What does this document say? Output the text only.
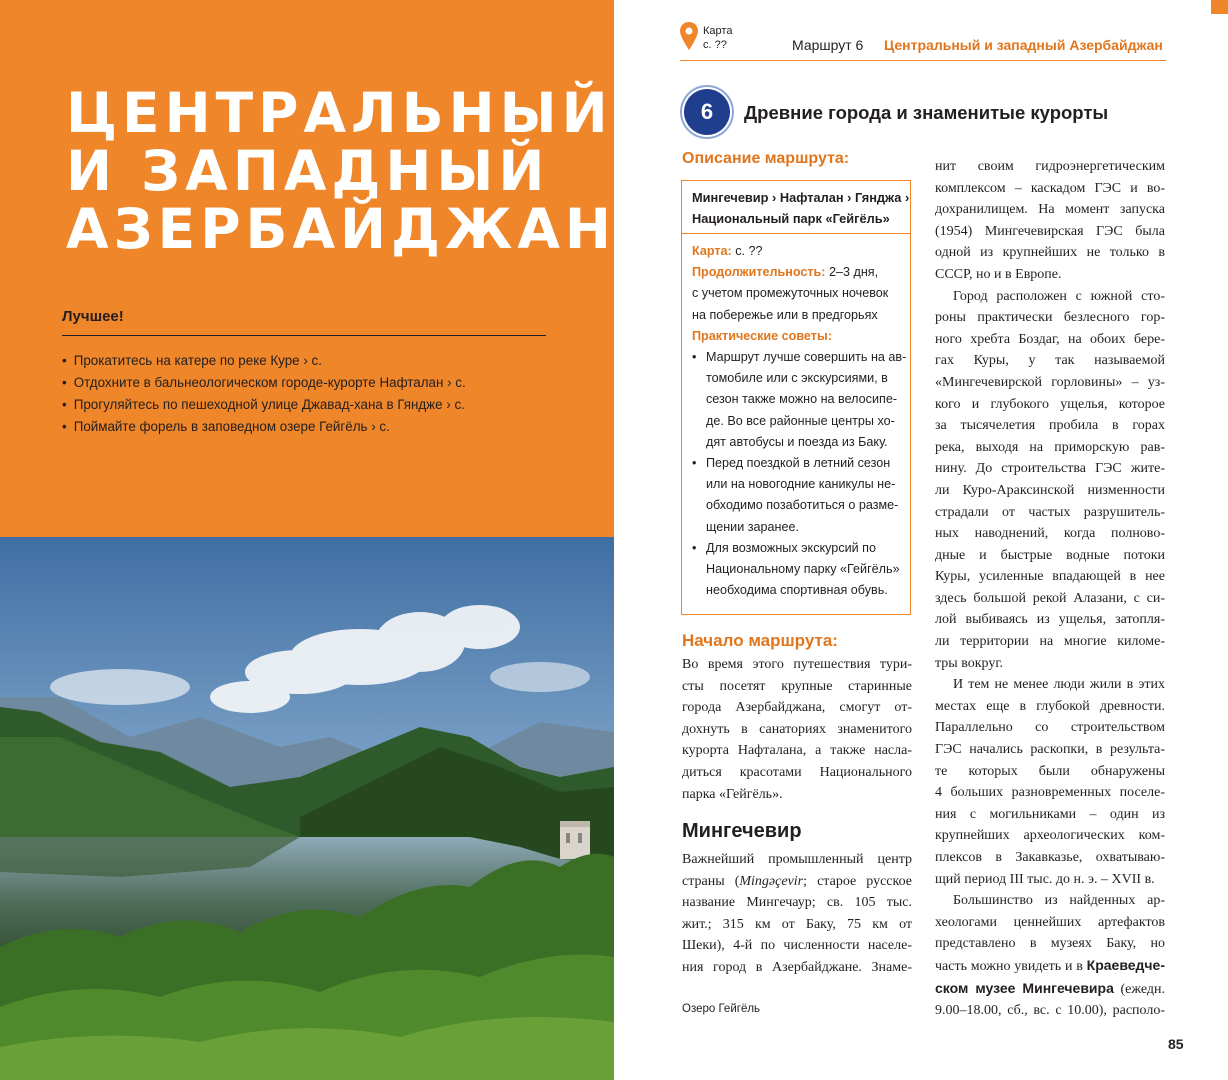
ЦЕНТРАЛЬНЫЙ
И ЗАПАДНЫЙ
АЗЕРБАЙДЖАН
Лучшее!
• Прокатитесь на катере по реке Куре › с.
• Отдохните в бальнеологическом городе-курорте Нафталан › с.
• Прогуляйтесь по пешеходной улице Джавад-хана в Гяндже › с.
• Поймайте форель в заповедном озере Гейгёль › с.
Карта
с. ??	Маршрут 6 Центральный и западный Азербайджан
6	Древние города и знаменитые курорты
Описание маршрута:
Мингечевир › Нафталан › Гянджа ›
Национальный парк «Гейгёль»

Карта: с. ??

Продолжительность: 2–3 дня,

с учетом промежуточных ночевок

на побережье или в предгорьях

Практические советы:

• Маршрут лучше совершить на ав-
томобиле или с экскурсиями, в
сезон также можно на велосипе-
де. Во все районные центры хо-
дят автобусы и поезда из Баку.
• Перед поездкой в летний сезон
или на новогодние каникулы не-
обходимо позаботиться о разме-
щении заранее.
• Для возможных экскурсий по
Национальному парку «Гейгёль»
необходима спортивная обувь.
Начало маршрута:
Во время этого путешествия тури-
сты посетят крупные старинные
города Азербайджана, смогут от-
дохнуть в санаториях знаменитого
курорта Нафталана, а также насла-
диться красотами Национального
парка «Гейгёль».
Мингечевир
Важнейший промышленный центр
страны (Mingəçevir; старое русское
название Мингечаур; св. 105 тыс.
жит.; 315 км от Баку, 75 км от
Шеки), 4-й по численности населе-
ния город в Азербайджане. Знаме-
нит своим гидроэнергетическим
комплексом – каскадом ГЭС и во-
дохранилищем. На момент запуска
(1954) Мингечевирская ГЭС была
одной из крупнейших не только в
СССР, но и в Европе.
Город расположен с южной сто-
роны практически безлесного гор-
ного хребта Боздаг, на обоих бере-
гах Куры, у так называемой
«Мингечевирской горловины» – уз-
кого и глубокого ущелья, которое
за тысячелетия пробила в горах
река, выходя на приморскую рав-
нину. До строительства ГЭС жите-
ли Куро-Араксинской низменности
страдали от частых разрушитель-
ных наводнений, когда полново-
дные и быстрые водные потоки
Куры, усиленные впадающей в нее
здесь большой рекой Алазани, с си-
лой выбиваясь из ущелья, затопля-
ли территории на многие киломе-
тры вокруг.
И тем не менее люди жили в этих
местах еще в глубокой древности.
Параллельно со строительством
ГЭС начались раскопки, в результа-
те которых были обнаружены
4 больших разновременных поселе-
ния с могильниками – один из
крупнейших археологических ком-
плексов в Закавказье, охватываю-
щий период III тыс. до н. э. – XVII в.
Большинство из найденных ар-
хеологами ценнейших артефактов
представлено в музеях Баку, но
часть можно увидеть и в Краеведче-
ском музее Мингечевира (ежедн.
9.00–18.00, сб., вс. с 10.00), располо-
Озеро Гейгёль
85
